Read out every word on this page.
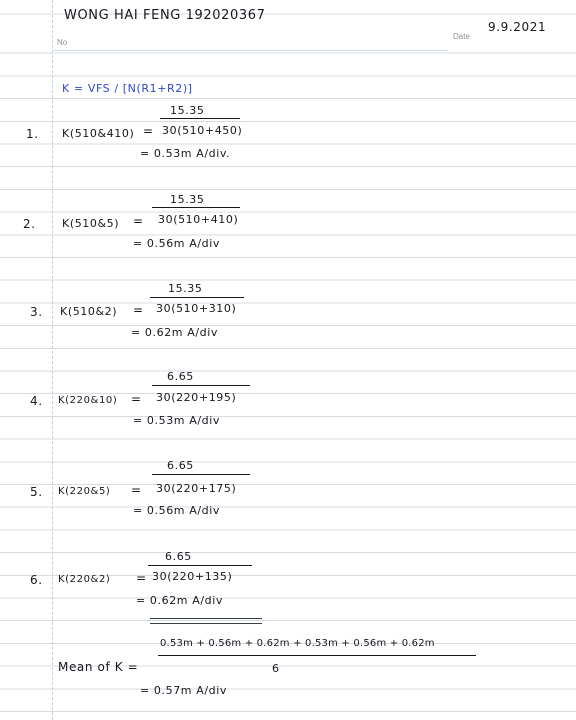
WONG HAI FENG 192020367
No
Date
9.9.2021
K = VFS / [N(R1+R2)]
15.35
1. K(510&410) = 30(510+450)
= 0.53m A/div.
15.35
2. K(510&5) = 30(510+410)
= 0.56m A/div
15.35
3. K(510&2) = 30(510+310)
= 0.62m A/div
6.65
4. K(220&10) = 30(220+195)
= 0.53m A/div
6.65
5. K(220&5) = 30(220+175)
= 0.56m A/div
6.65
6. K(220&2) = 30(220+135)
= 0.62m A/div
0.53m + 0.56m + 0.62m + 0.53m + 0.56m + 0.62m
Mean of K =	6
= 0.57m A/div
